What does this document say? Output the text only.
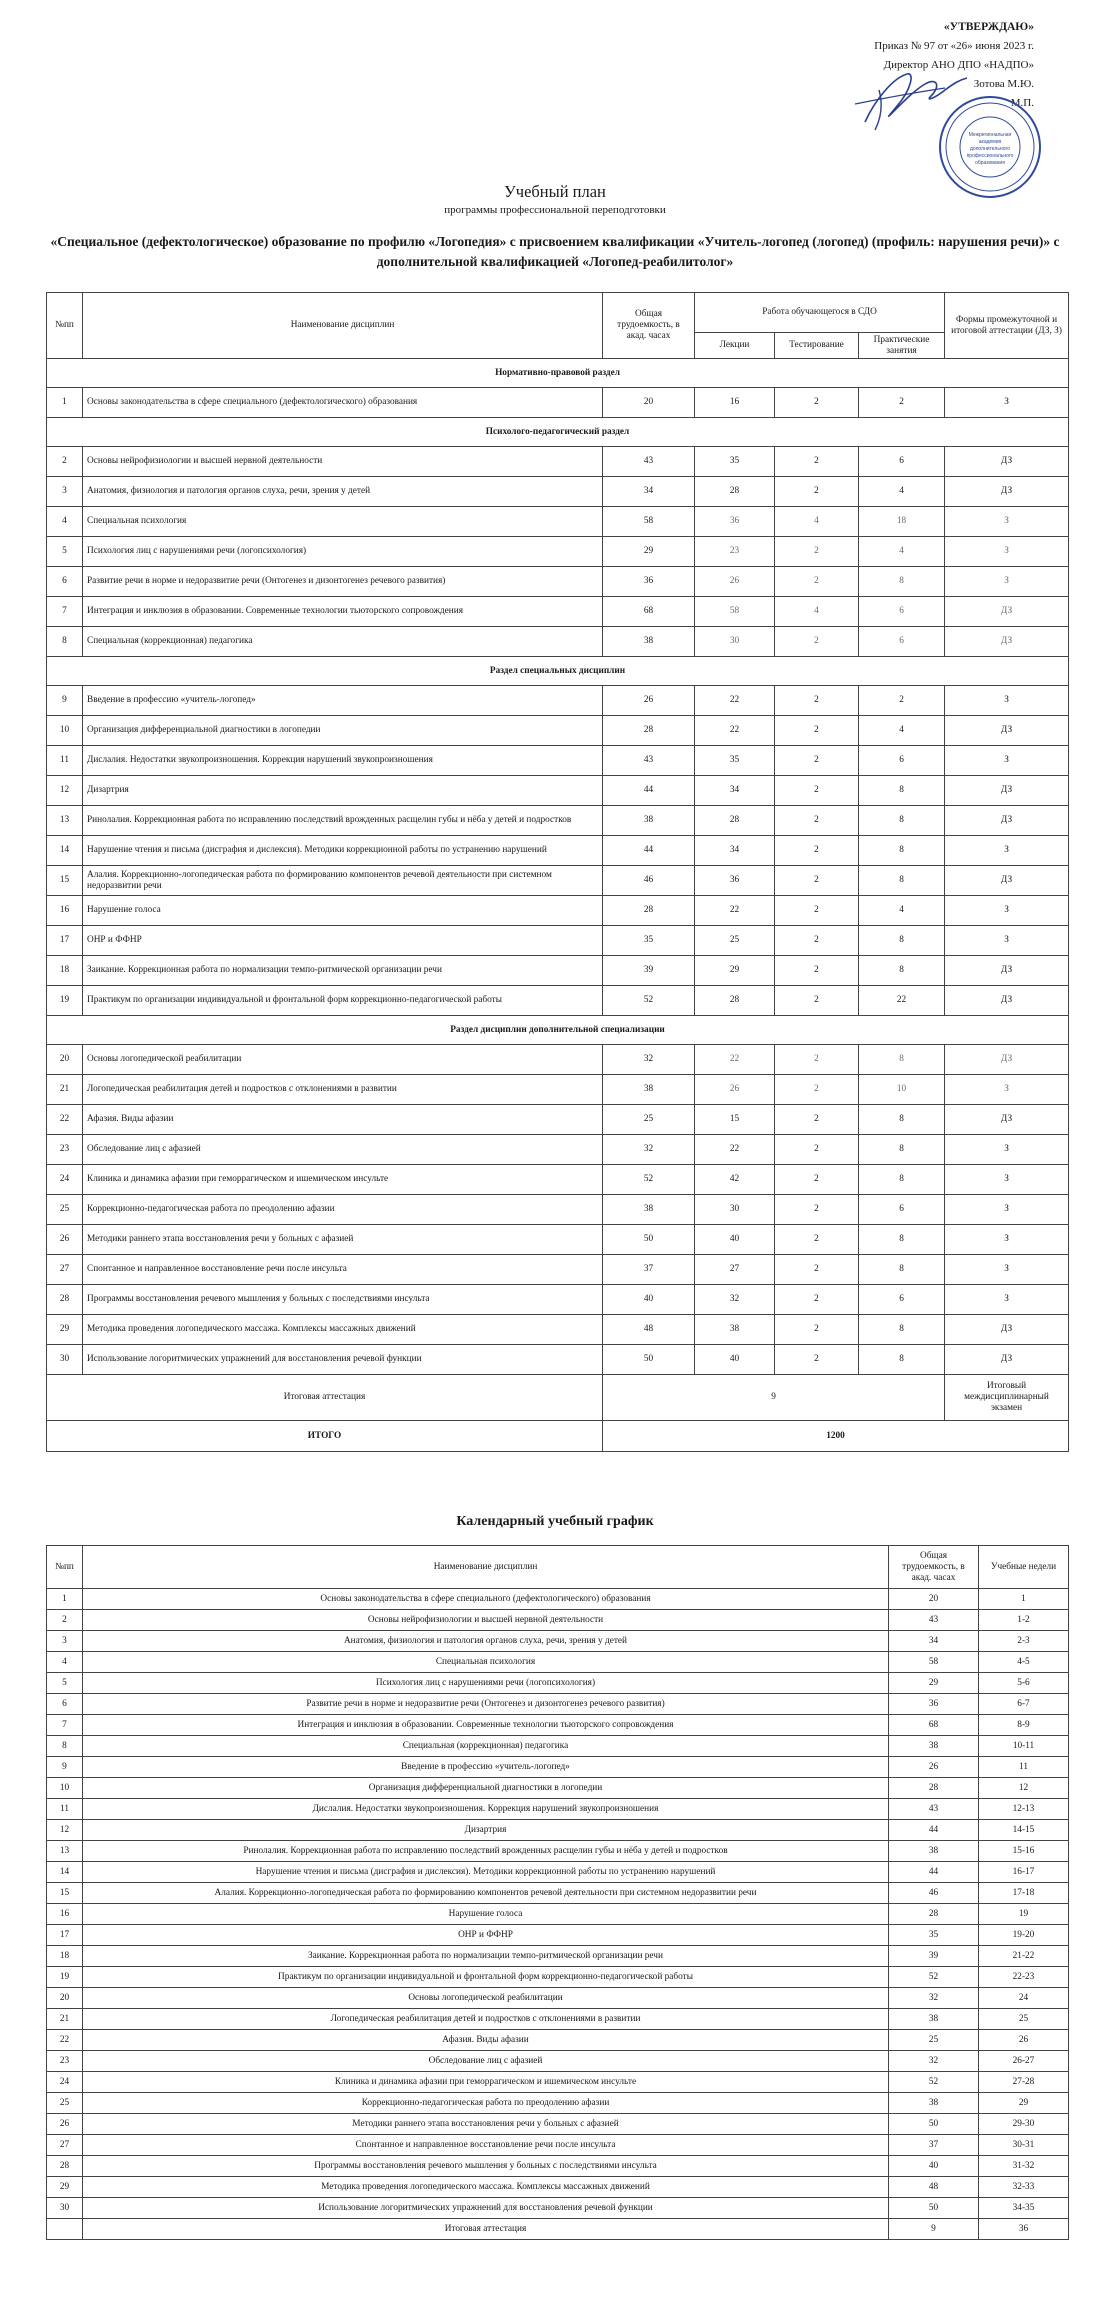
«УТВЕРЖДАЮ»
Приказ № 97 от «26» июня 2023 г.
Директор АНО ДПО «НАДПО»
Зотова М.Ю.
М.П.
Межрегиональная
академия
дополнительного
профессионального
образования
Учебный план
программы профессиональной переподготовки
«Специальное (дефектологическое) образование по профилю «Логопедия» с присвоением квалификации «Учитель-логопед (логопед) (профиль: нарушения речи)» с дополнительной квалификацией «Логопед-реабилитолог»
№пп	Наименование дисциплин	Общая трудоемкость, в акад. часах	Работа обучающегося в СДО			Формы промежуточной и итоговой аттестации (ДЗ, З)
			Лекции	Тестирование	Практические занятия	
Нормативно-правовой раздел						
1	Основы законодательства в сфере специального (дефектологического) образования	20	16	2	2	З
Психолого-педагогический раздел						
2	Основы нейрофизиологии и высшей нервной деятельности	43	35	2	6	ДЗ
3	Анатомия, физиология и патология органов слуха, речи, зрения у детей	34	28	2	4	ДЗ
4	Специальная психология	58	36	4	18	З
5	Психология лиц с нарушениями речи (логопсихология)	29	23	2	4	З
6	Развитие речи в норме и недоразвитие речи (Онтогенез и дизонтогенез речевого развития)	36	26	2	8	З
7	Интеграция и инклюзия в образовании. Современные технологии тьюторского сопровождения	68	58	4	6	ДЗ
8	Специальная (коррекционная) педагогика	38	30	2	6	ДЗ
Раздел специальных дисциплин						
9	Введение в профессию «учитель-логопед»	26	22	2	2	З
10	Организация дифференциальной диагностики в логопедии	28	22	2	4	ДЗ
11	Дислалия. Недостатки звукопроизношения. Коррекция нарушений звукопроизношения	43	35	2	6	З
12	Дизартрия	44	34	2	8	ДЗ
13	Ринолалия. Коррекционная работа по исправлению последствий врожденных расщелин губы и нёба у детей и подростков	38	28	2	8	ДЗ
14	Нарушение чтения и письма (дисграфия и дислексия). Методики коррекционной работы по устранению нарушений	44	34	2	8	З
15	Алалия. Коррекционно-логопедическая работа по формированию компонентов речевой деятельности при системном недоразвитии речи	46	36	2	8	ДЗ
16	Нарушение голоса	28	22	2	4	З
17	ОНР и ФФНР	35	25	2	8	З
18	Заикание. Коррекционная работа по нормализации темпо-ритмической организации речи	39	29	2	8	ДЗ
19	Практикум по организации индивидуальной и фронтальной форм коррекционно-педагогической работы	52	28	2	22	ДЗ
Раздел дисциплин дополнительной специализации						
20	Основы логопедической реабилитации	32	22	2	8	ДЗ
21	Логопедическая реабилитация детей и подростков с отклонениями в развитии	38	26	2	10	З
22	Афазия. Виды афазии	25	15	2	8	ДЗ
23	Обследование лиц с афазией	32	22	2	8	З
24	Клиника и динамика афазии при геморрагическом и ишемическом инсульте	52	42	2	8	З
25	Коррекционно-педагогическая работа по преодолению афазии	38	30	2	6	З
26	Методики раннего этапа восстановления речи у больных с афазией	50	40	2	8	З
27	Спонтанное и направленное восстановление речи после инсульта	37	27	2	8	З
28	Программы восстановления речевого мышления у больных с последствиями инсульта	40	32	2	6	З
29	Методика проведения логопедического массажа. Комплексы массажных движений	48	38	2	8	ДЗ
30	Использование логоритмических упражнений для восстановления речевой функции	50	40	2	8	ДЗ
Итоговая аттестация		9				Итоговый междисциплинарный экзамен
ИТОГО		1200				
Календарный учебный график
№пп	Наименование дисциплин	Общая трудоемкость, в акад. часах	Учебные недели
1	Основы законодательства в сфере специального (дефектологического) образования	20	1
2	Основы нейрофизиологии и высшей нервной деятельности	43	1-2
3	Анатомия, физиология и патология органов слуха, речи, зрения у детей	34	2-3
4	Специальная психология	58	4-5
5	Психология лиц с нарушениями речи (логопсихология)	29	5-6
6	Развитие речи в норме и недоразвитие речи (Онтогенез и дизонтогенез речевого развития)	36	6-7
7	Интеграция и инклюзия в образовании. Современные технологии тьюторского сопровождения	68	8-9
8	Специальная (коррекционная) педагогика	38	10-11
9	Введение в профессию «учитель-логопед»	26	11
10	Организация дифференциальной диагностики в логопедии	28	12
11	Дислалия. Недостатки звукопроизношения. Коррекция нарушений звукопроизношения	43	12-13
12	Дизартрия	44	14-15
13	Ринолалия. Коррекционная работа по исправлению последствий врожденных расщелин губы и нёба у детей и подростков	38	15-16
14	Нарушение чтения и письма (дисграфия и дислексия). Методики коррекционной работы по устранению нарушений	44	16-17
15	Алалия. Коррекционно-логопедическая работа по формированию компонентов речевой деятельности при системном недоразвитии речи	46	17-18
16	Нарушение голоса	28	19
17	ОНР и ФФНР	35	19-20
18	Заикание. Коррекционная работа по нормализации темпо-ритмической организации речи	39	21-22
19	Практикум по организации индивидуальной и фронтальной форм коррекционно-педагогической работы	52	22-23
20	Основы логопедической реабилитации	32	24
21	Логопедическая реабилитация детей и подростков с отклонениями в развитии	38	25
22	Афазия. Виды афазии	25	26
23	Обследование лиц с афазией	32	26-27
24	Клиника и динамика афазии при геморрагическом и ишемическом инсульте	52	27-28
25	Коррекционно-педагогическая работа по преодолению афазии	38	29
26	Методики раннего этапа восстановления речи у больных с афазией	50	29-30
27	Спонтанное и направленное восстановление речи после инсульта	37	30-31
28	Программы восстановления речевого мышления у больных с последствиями инсульта	40	31-32
29	Методика проведения логопедического массажа. Комплексы массажных движений	48	32-33
30	Использование логоритмических упражнений для восстановления речевой функции	50	34-35
	Итоговая аттестация	9	36
